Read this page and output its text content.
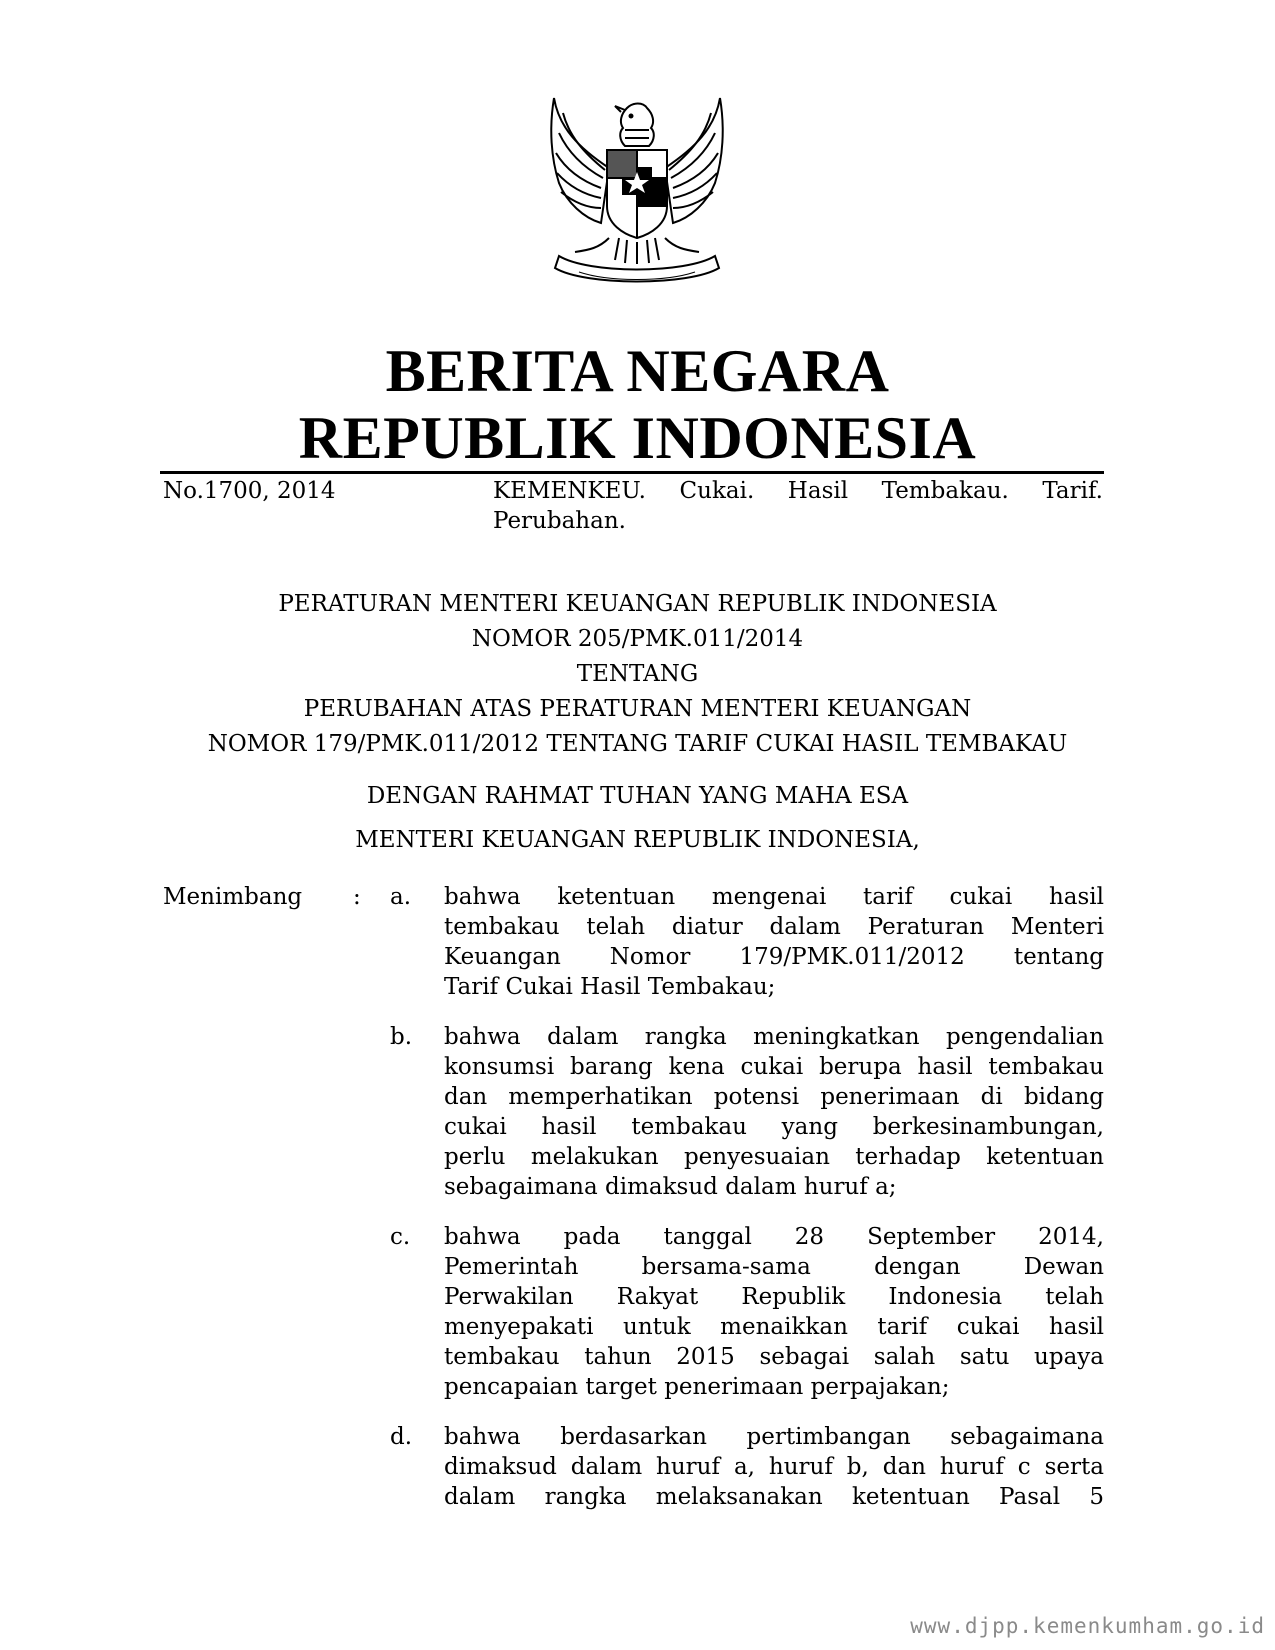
BERITA NEGARA
REPUBLIK INDONESIA
No.1700, 2014	KEMENKEU. Cukai. Hasil Tembakau. Tarif.
Perubahan.
PERATURAN MENTERI KEUANGAN REPUBLIK INDONESIA
NOMOR 205/PMK.011/2014
TENTANG
PERUBAHAN ATAS PERATURAN MENTERI KEUANGAN
NOMOR 179/PMK.011/2012 TENTANG TARIF CUKAI HASIL TEMBAKAU
DENGAN RAHMAT TUHAN YANG MAHA ESA
MENTERI KEUANGAN REPUBLIK INDONESIA,
Menimbang : a. bahwa ketentuan mengenai tarif cukai hasil
tembakau telah diatur dalam Peraturan Menteri
Keuangan Nomor 179/PMK.011/2012 tentang
Tarif Cukai Hasil Tembakau;
b. bahwa dalam rangka meningkatkan pengendalian
konsumsi barang kena cukai berupa hasil tembakau
dan memperhatikan potensi penerimaan di bidang
cukai hasil tembakau yang berkesinambungan,
perlu melakukan penyesuaian terhadap ketentuan
sebagaimana dimaksud dalam huruf a;
c. bahwa pada tanggal 28 September 2014,
Pemerintah bersama-sama dengan Dewan
Perwakilan Rakyat Republik Indonesia telah
menyepakati untuk menaikkan tarif cukai hasil
tembakau tahun 2015 sebagai salah satu upaya
pencapaian target penerimaan perpajakan;
d. bahwa berdasarkan pertimbangan sebagaimana
dimaksud dalam huruf a, huruf b, dan huruf c serta
dalam rangka melaksanakan ketentuan Pasal 5
www.djpp.kemenkumham.go.id
